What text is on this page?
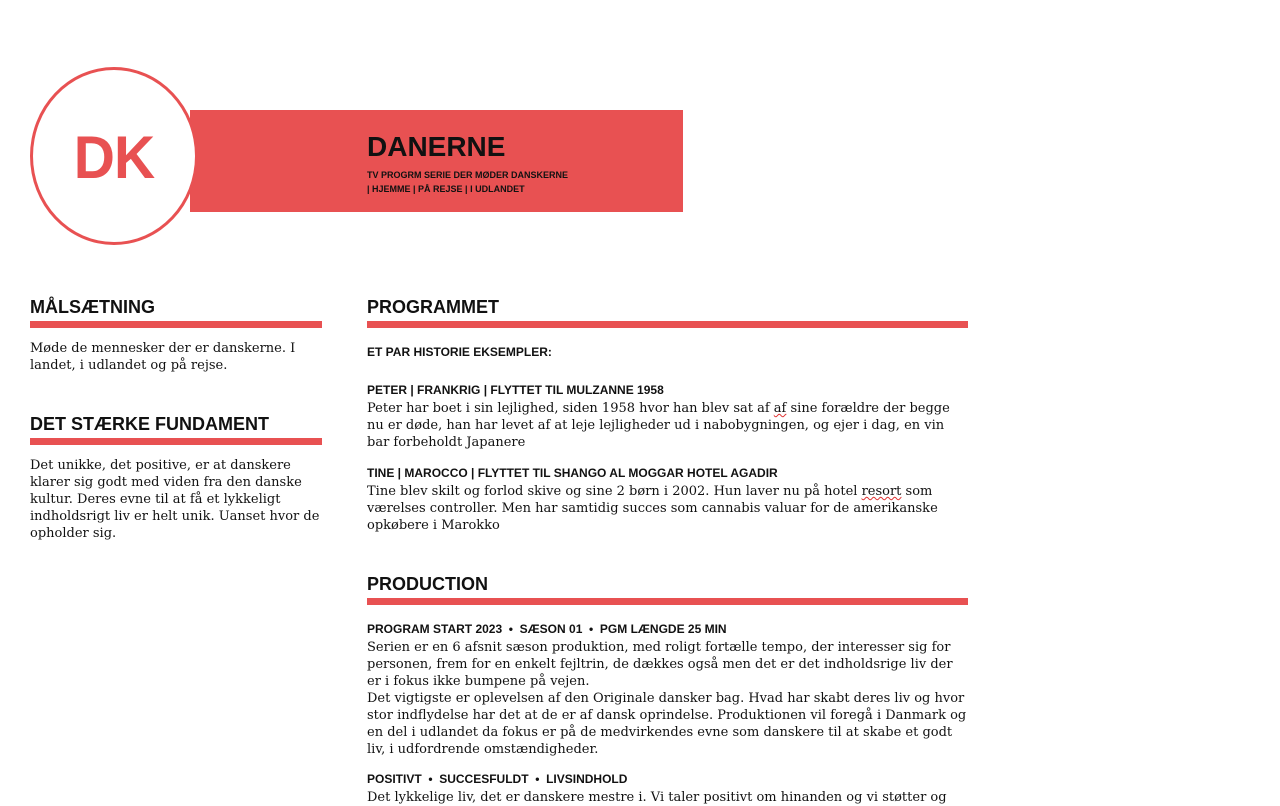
DK	DANERNE
TV PROGRM SERIE DER MØDER DANSKERNE
| HJEMME | PÅ REJSE | I UDLANDET
MÅLSÆTNING
Møde de mennesker der er danskerne. I landet, i udlandet og på rejse.
DET STÆRKE FUNDAMENT
Det unikke, det positive, er at danskere klarer sig godt med viden fra den danske kultur. Deres evne til at få et lykkeligt indholdsrigt liv er helt unik. Uanset hvor de opholder sig.
PROGRAMMET
ET PAR HISTORIE EKSEMPLER:
PETER | FRANKRIG | FLYTTET TIL MULZANNE 1958
Peter har boet i sin lejlighed, siden 1958 hvor han blev sat af af sine forældre der begge nu er døde, han har levet af at leje lejligheder ud i nabobygningen, og ejer i dag, en vin bar forbeholdt Japanere
TINE | MAROCCO | FLYTTET TIL SHANGO AL MOGGAR HOTEL AGADIR
Tine blev skilt og forlod skive og sine 2 børn i 2002. Hun laver nu på hotel resort som værelses controller. Men har samtidig succes som cannabis valuar for de amerikanske opkøbere i Marokko
PRODUCTION
PROGRAM START 2023  •  SÆSON 01  •  PGM LÆNGDE 25 MIN

Serien er en 6 afsnit sæson produktion, med roligt fortælle tempo, der interesser sig for personen, frem for en enkelt fejltrin, de dækkes også men det er det indholdsrige liv der er i fokus ikke bumpene på vejen.

Det vigtigste er oplevelsen af den Originale dansker bag. Hvad har skabt deres liv og hvor stor indflydelse har det at de er af dansk oprindelse. Produktionen vil foregå i Danmark og en del i udlandet da fokus er på de medvirkendes evne som danskere til at skabe et godt liv, i udfordrende omstændigheder.

POSITIVT  •  SUCCESFULDT  •  LIVSINDHOLD
Det lykkelige liv, det er danskere mestre i. Vi taler positivt om hinanden og vi støtter og
